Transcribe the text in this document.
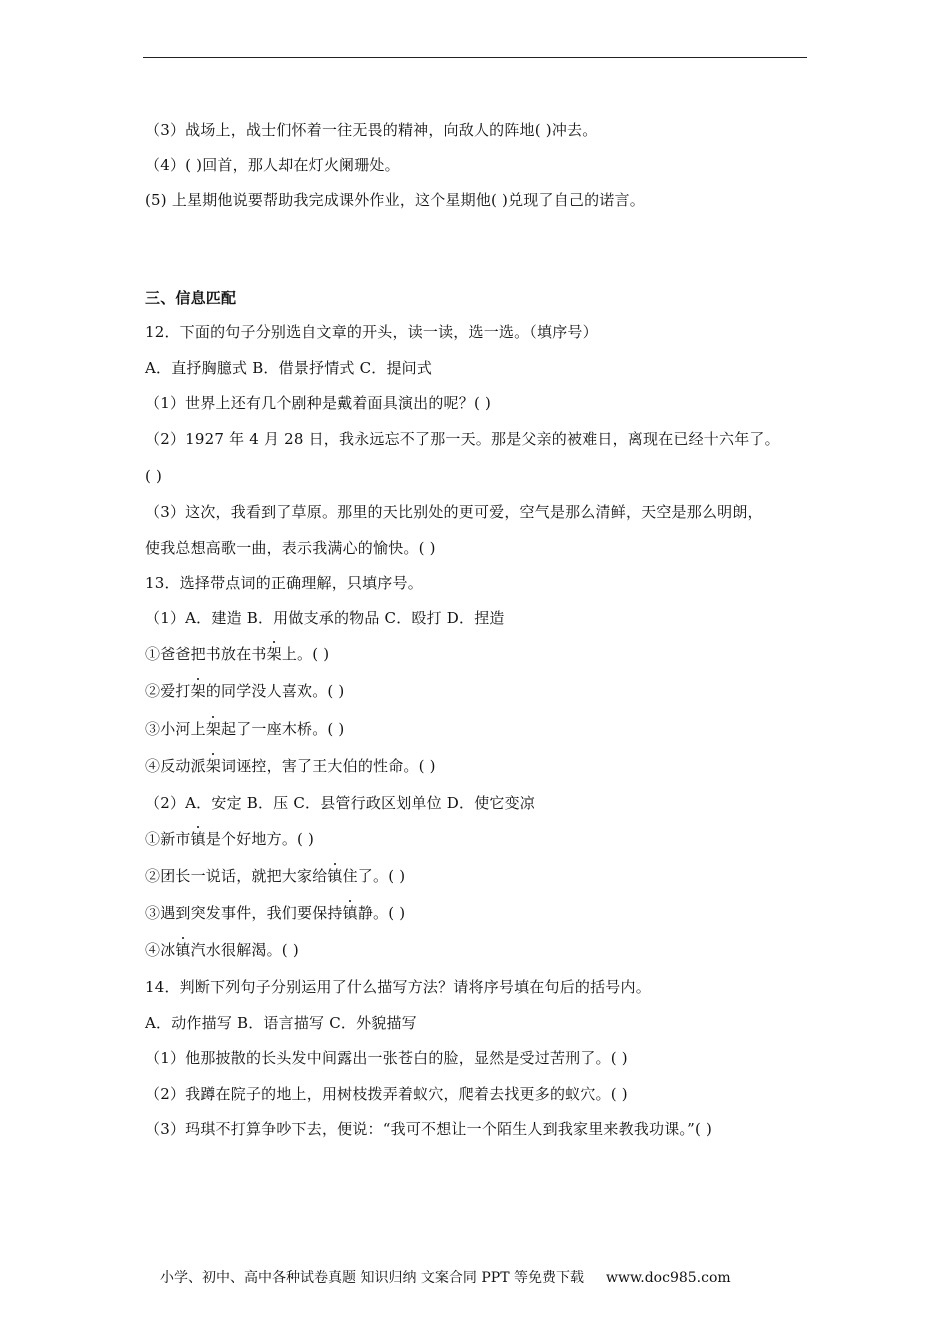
（3）战场上，战士们怀着一往无畏的精神，向敌人的阵地( )冲去。
（4）( )回首，那人却在灯火阑珊处。
(5) 上星期他说要帮助我完成课外作业，这个星期他( )兑现了自己的诺言。
三、信息匹配
12．下面的句子分别选自文章的开头，读一读，选一选。（填序号）
A．直抒胸臆式 B．借景抒情式 C．提问式
（1）世界上还有几个剧种是戴着面具演出的呢？( )
（2）1927 年 4 月 28 日，我永远忘不了那一天。那是父亲的被难日，离现在已经十六年了。
( )
（3）这次，我看到了草原。那里的天比别处的更可爱，空气是那么清鲜，天空是那么明朗，
使我总想高歌一曲，表示我满心的愉快。( )
13．选择带点词的正确理解，只填序号。
（1）A．建造 B．用做支承的物品 C．殴打 D．捏造
①爸爸把书放在书架上。( )
②爱打架的同学没人喜欢。( )
③小河上架起了一座木桥。( )
④反动派架词诬控，害了王大伯的性命。( )
（2）A．安定 B．压 C．县管行政区划单位 D．使它变凉
①新市镇是个好地方。( )
②团长一说话，就把大家给镇住了。( )
③遇到突发事件，我们要保持镇静。( )
④冰镇汽水很解渴。( )
14．判断下列句子分别运用了什么描写方法？请将序号填在句后的括号内。
A．动作描写 B．语言描写 C．外貌描写
（1）他那披散的长头发中间露出一张苍白的脸，显然是受过苦刑了。( )
（2）我蹲在院子的地上，用树枝拨弄着蚁穴，爬着去找更多的蚁穴。( )
（3）玛琪不打算争吵下去，便说：“我可不想让一个陌生人到我家里来教我功课。”( )
小学、初中、高中各种试卷真题 知识归纳 文案合同 PPT 等免费下载 www.doc985.com
